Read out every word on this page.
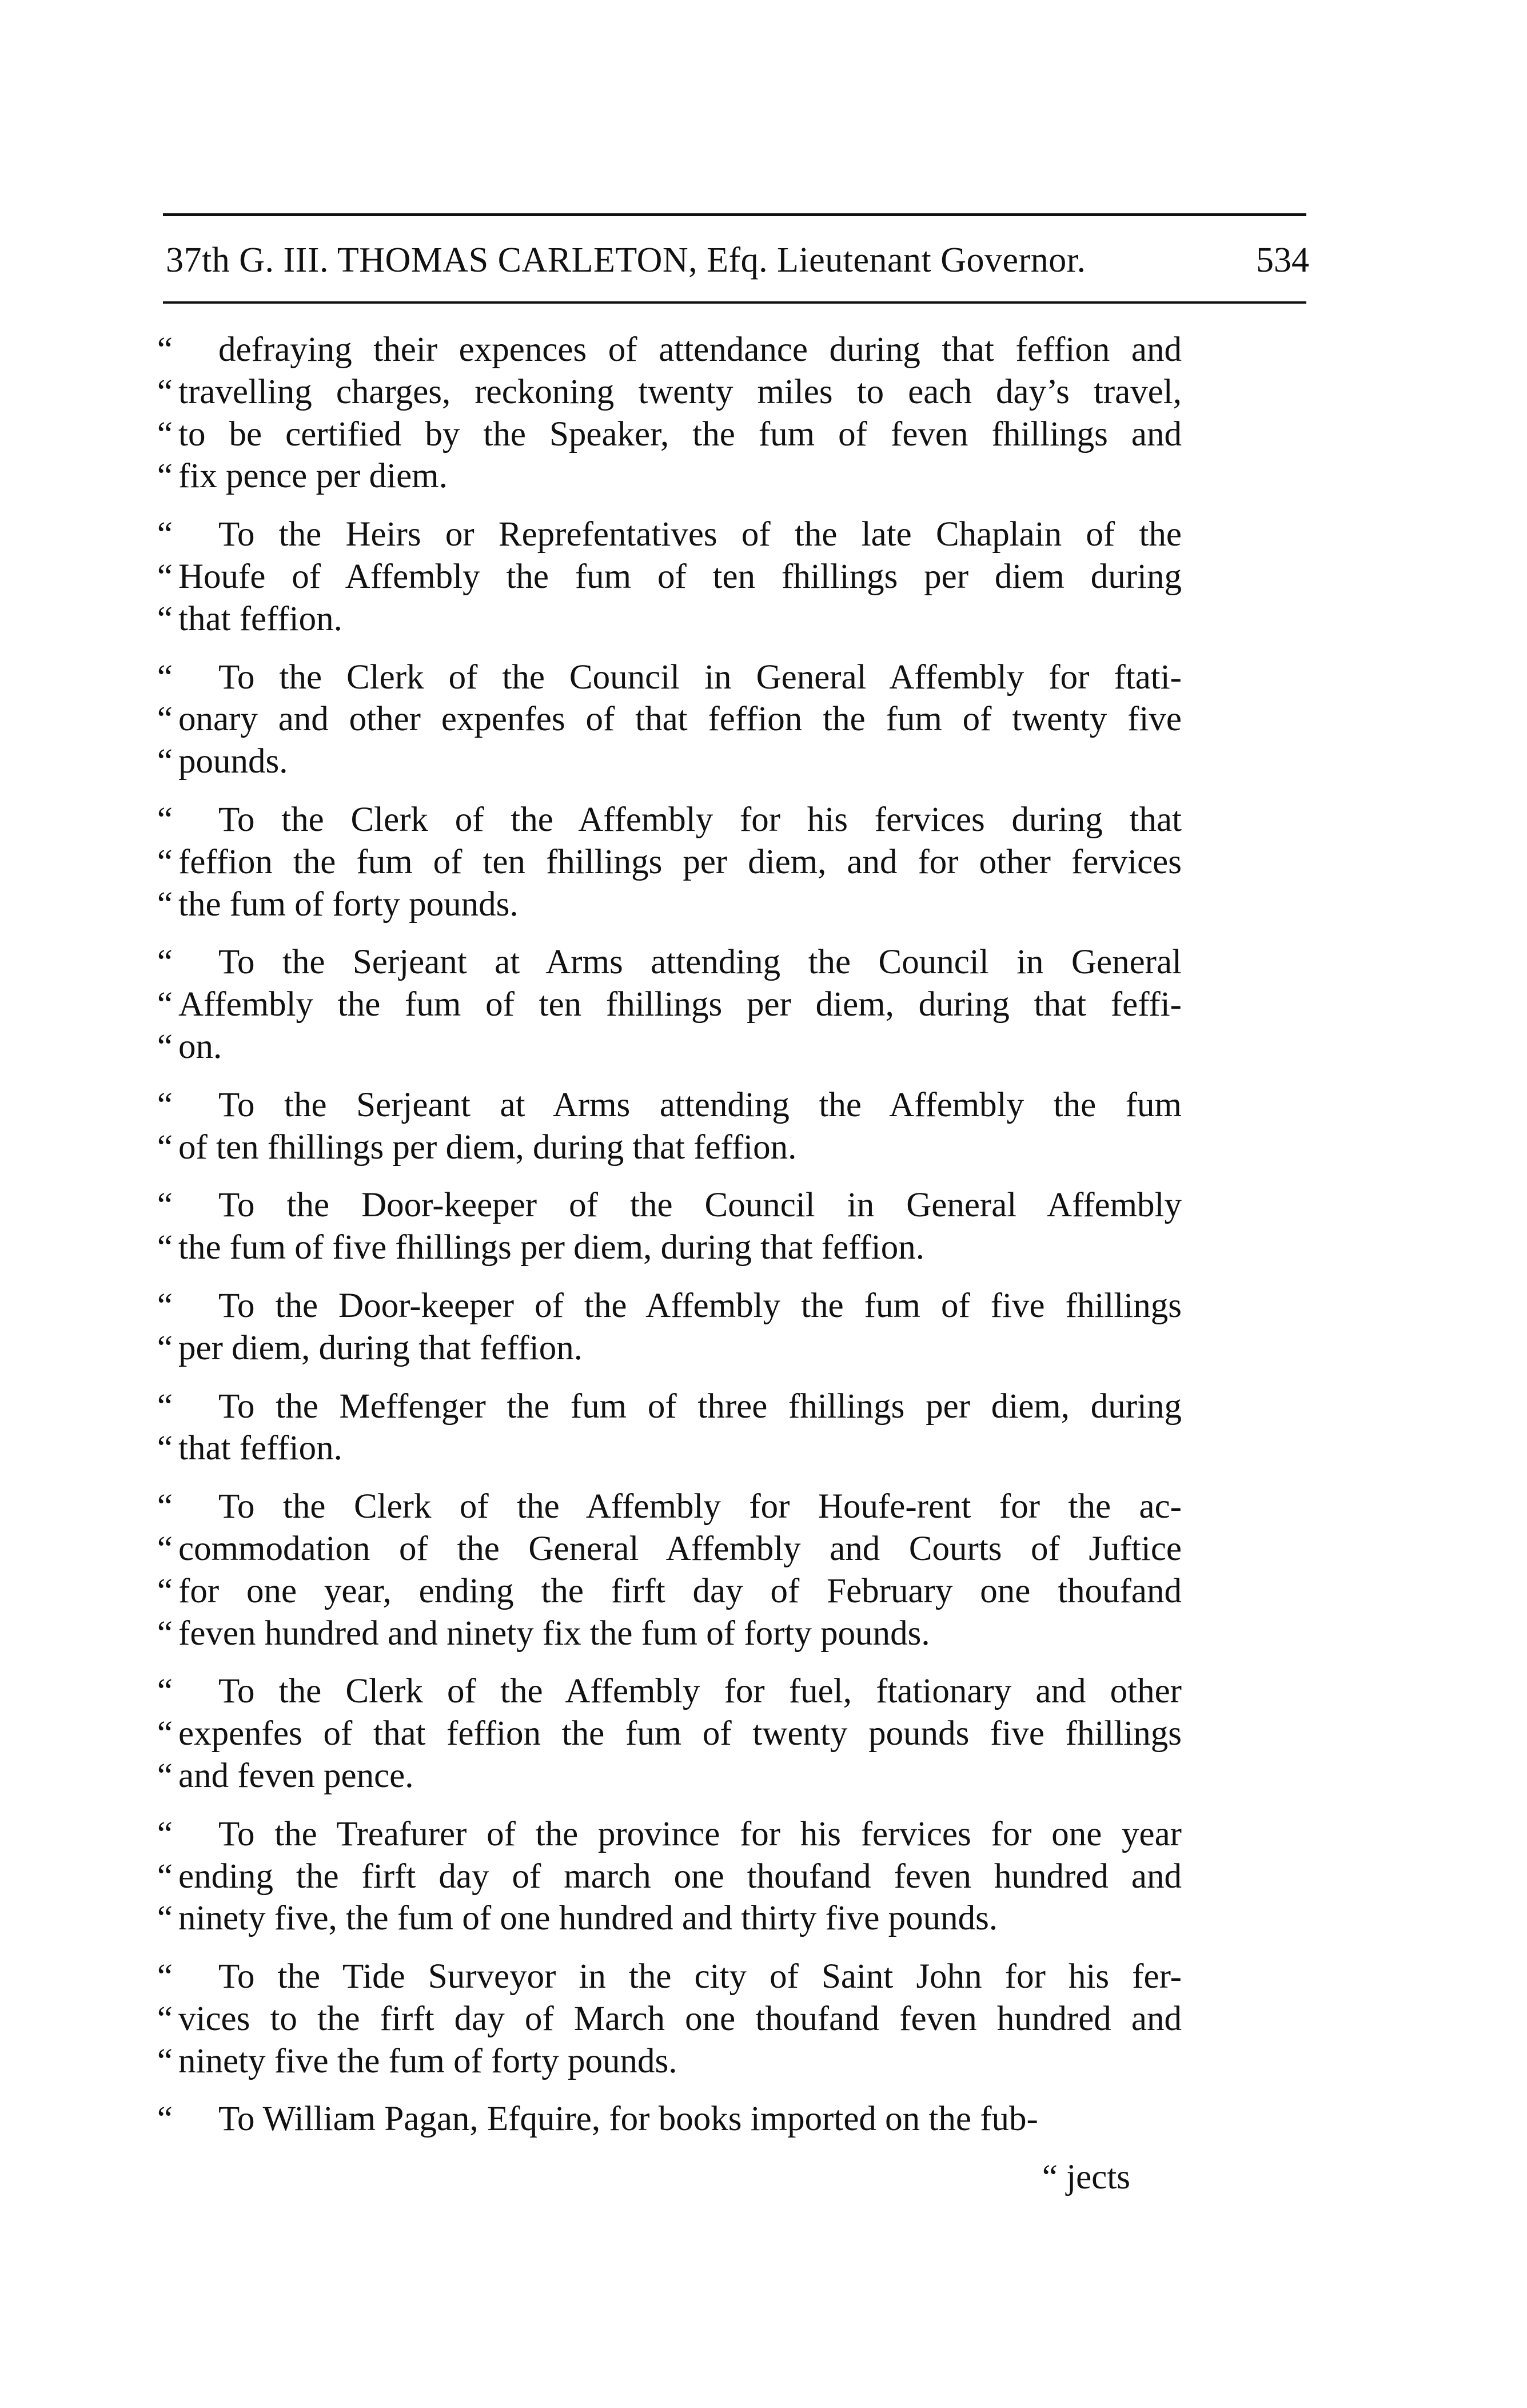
37th G. III. THOMAS CARLETON, Efq. Lieutenant Governor.	534
“ defraying their expences of attendance during that feffion and
“ travelling charges, reckoning twenty miles to each day’s travel,
“ to be certified by the Speaker, the fum of feven fhillings and
“ fix pence per diem.
“ To the Heirs or Reprefentatives of the late Chaplain of the
“ Houfe of Affembly the fum of ten fhillings per diem during
“ that feffion.
“ To the Clerk of the Council in General Affembly for ftati-
“ onary and other expenfes of that feffion the fum of twenty five
“ pounds.
“ To the Clerk of the Affembly for his fervices during that
“ feffion the fum of ten fhillings per diem, and for other fervices
“ the fum of forty pounds.
“ To the Serjeant at Arms attending the Council in General
“ Affembly the fum of ten fhillings per diem, during that feffi-
“ on.
“ To the Serjeant at Arms attending the Affembly the fum
“ of ten fhillings per diem, during that feffion.
“ To the Door-keeper of the Council in General Affembly
“ the fum of five fhillings per diem, during that feffion.
“ To the Door-keeper of the Affembly the fum of five fhillings
“ per diem, during that feffion.
“ To the Meffenger the fum of three fhillings per diem, during
“ that feffion.
“ To the Clerk of the Affembly for Houfe-rent for the ac-
“ commodation of the General Affembly and Courts of Juftice
“ for one year, ending the firft day of February one thoufand
“ feven hundred and ninety fix the fum of forty pounds.
“ To the Clerk of the Affembly for fuel, ftationary and other
“ expenfes of that feffion the fum of twenty pounds five fhillings
“ and feven pence.
“ To the Treafurer of the province for his fervices for one year
“ ending the firft day of march one thoufand feven hundred and
“ ninety five, the fum of one hundred and thirty five pounds.
“ To the Tide Surveyor in the city of Saint John for his fer-
“ vices to the firft day of March one thoufand feven hundred and
“ ninety five the fum of forty pounds.
“ To William Pagan, Efquire, for books imported on the fub-
“ jects
